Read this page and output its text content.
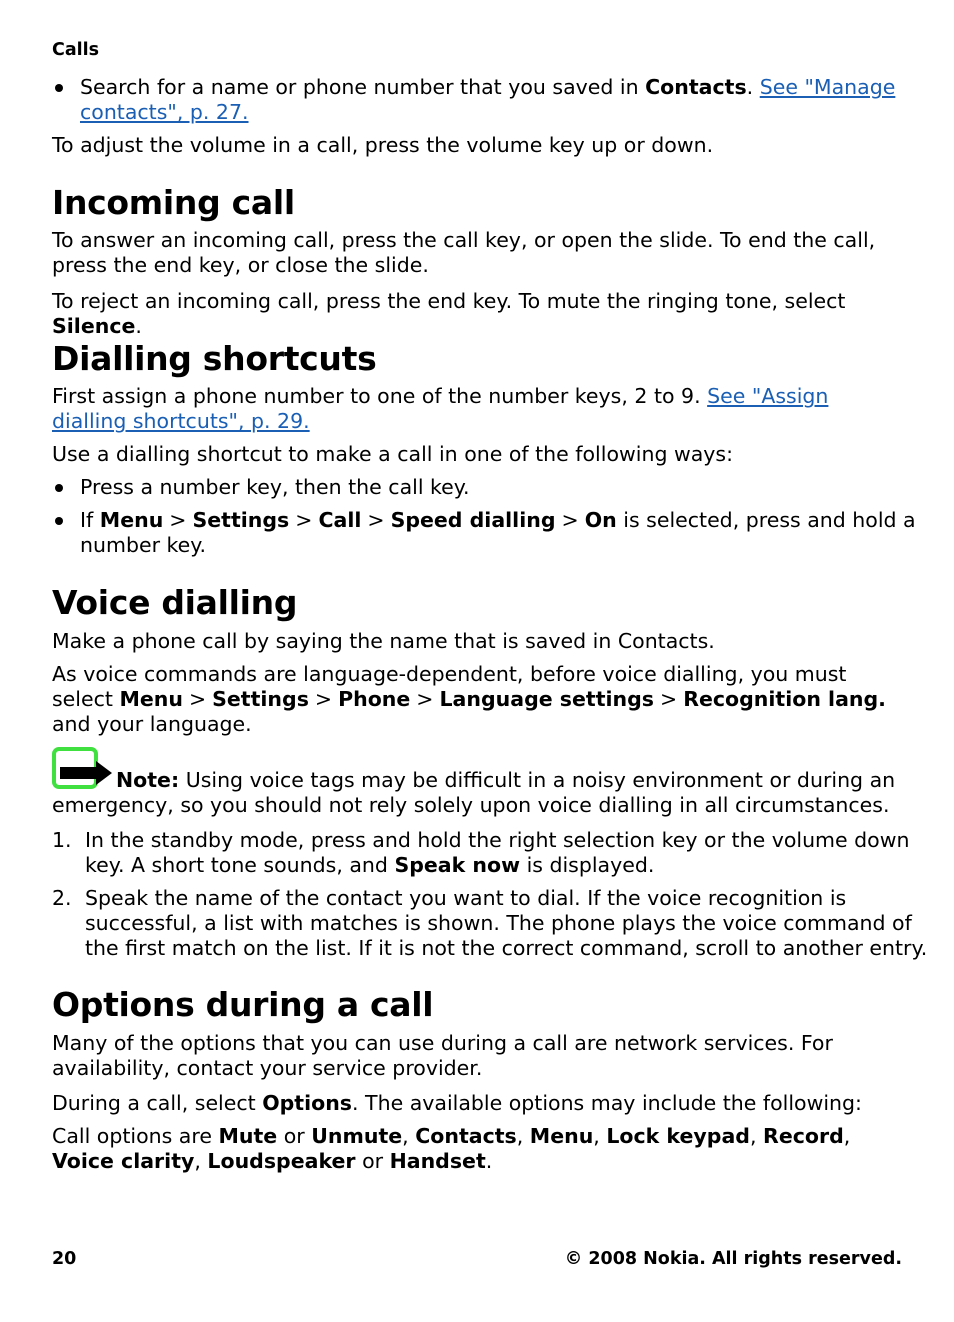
Calls

Search for a name or phone number that you saved in Contacts. See "Manage contacts", p. 27.

To adjust the volume in a call, press the volume key up or down.

Incoming call

To answer an incoming call, press the call key, or open the slide. To end the call, press the end key, or close the slide.

To reject an incoming call, press the end key. To mute the ringing tone, select Silence.

Dialling shortcuts

First assign a phone number to one of the number keys, 2 to 9. See "Assign dialling shortcuts", p. 29.

Use a dialling shortcut to make a call in one of the following ways:

Press a number key, then the call key.

If Menu > Settings > Call > Speed dialling > On is selected, press and hold a number key.

Voice dialling

Make a phone call by saying the name that is saved in Contacts.

As voice commands are language-dependent, before voice dialling, you must select Menu > Settings > Phone > Language settings > Recognition lang. and your language.

Note: Using voice tags may be difficult in a noisy environment or during an emergency, so you should not rely solely upon voice dialling in all circumstances.

1. In the standby mode, press and hold the right selection key or the volume down key. A short tone sounds, and Speak now is displayed.

2. Speak the name of the contact you want to dial. If the voice recognition is successful, a list with matches is shown. The phone plays the voice command of the first match on the list. If it is not the correct command, scroll to another entry.

Options during a call

Many of the options that you can use during a call are network services. For availability, contact your service provider.

During a call, select Options. The available options may include the following:

Call options are Mute or Unmute, Contacts, Menu, Lock keypad, Record, Voice clarity, Loudspeaker or Handset.

20	© 2008 Nokia. All rights reserved.
